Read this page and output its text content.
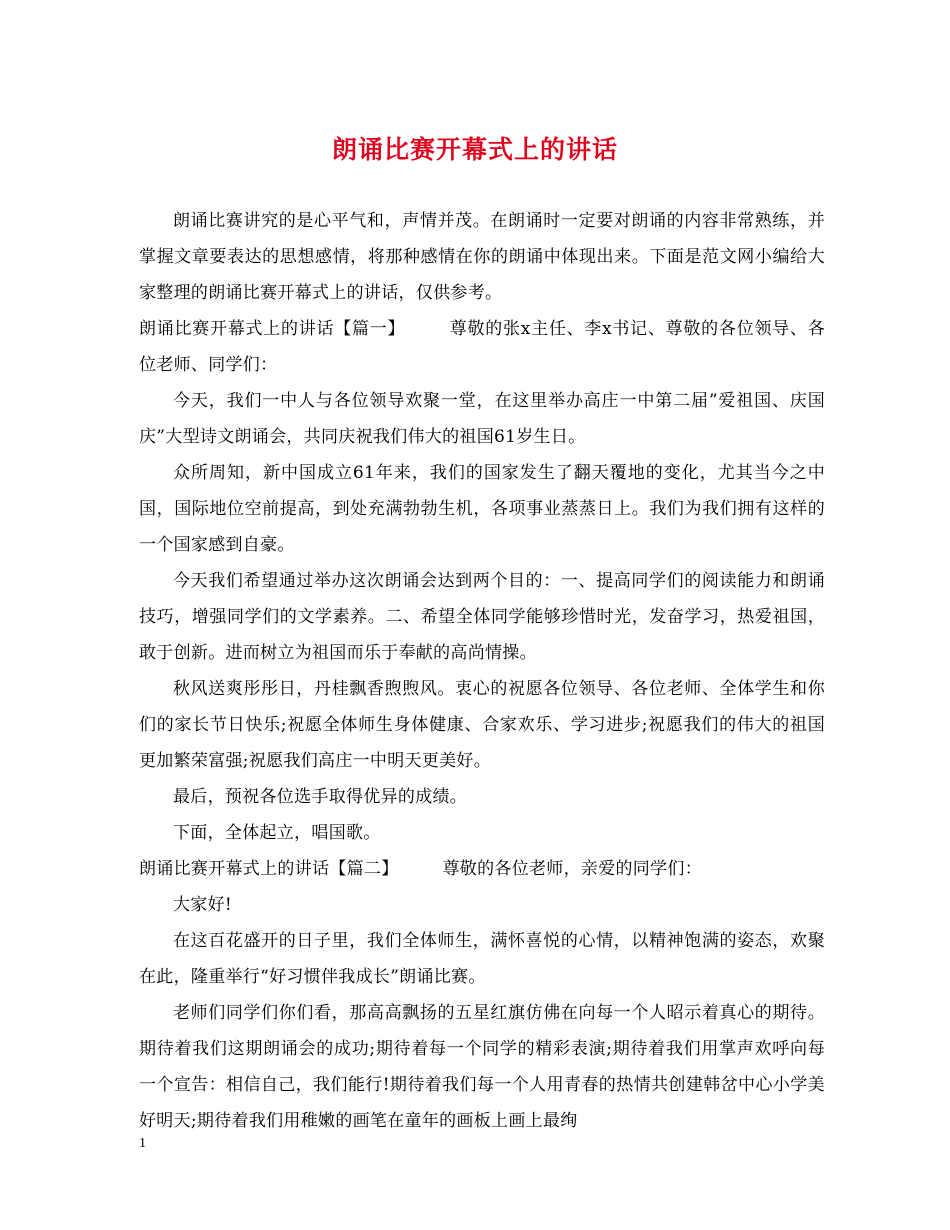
朗诵比赛开幕式上的讲话

朗诵比赛讲究的是心平气和，声情并茂。在朗诵时一定要对朗诵的内容非常熟练，并掌握文章要表达的思想感情，将那种感情在你的朗诵中体现出来。下面是范文网小编给大家整理的朗诵比赛开幕式上的讲话，仅供参考。

朗诵比赛开幕式上的讲话【篇一】	尊敬的张x主任、李x书记、尊敬的各位领导、各位老师、同学们：

今天，我们一中人与各位领导欢聚一堂，在这里举办高庄一中第二届”爱祖国、庆国庆”大型诗文朗诵会，共同庆祝我们伟大的祖国61岁生日。

众所周知，新中国成立61年来，我们的国家发生了翻天覆地的变化，尤其当今之中国，国际地位空前提高，到处充满勃勃生机，各项事业蒸蒸日上。我们为我们拥有这样的一个国家感到自豪。

今天我们希望通过举办这次朗诵会达到两个目的：一、提高同学们的阅读能力和朗诵技巧，增强同学们的文学素养。二、希望全体同学能够珍惜时光，发奋学习，热爱祖国，敢于创新。进而树立为祖国而乐于奉献的高尚情操。

秋风送爽彤彤日，丹桂飘香煦煦风。衷心的祝愿各位领导、各位老师、全体学生和你们的家长节日快乐;祝愿全体师生身体健康、合家欢乐、学习进步;祝愿我们的伟大的祖国更加繁荣富强;祝愿我们高庄一中明天更美好。

最后，预祝各位选手取得优异的成绩。

下面，全体起立，唱国歌。

朗诵比赛开幕式上的讲话【篇二】	尊敬的各位老师，亲爱的同学们：

大家好!

在这百花盛开的日子里，我们全体师生，满怀喜悦的心情，以精神饱满的姿态，欢聚在此，隆重举行“好习惯伴我成长”朗诵比赛。

老师们同学们你们看，那高高飘扬的五星红旗仿佛在向每一个人昭示着真心的期待。期待着我们这期朗诵会的成功;期待着每一个同学的精彩表演;期待着我们用掌声欢呼向每一个宣告：相信自己，我们能行!期待着我们每一个人用青春的热情共创建韩岔中心小学美好明天;期待着我们用稚嫩的画笔在童年的画板上画上最绚

1
